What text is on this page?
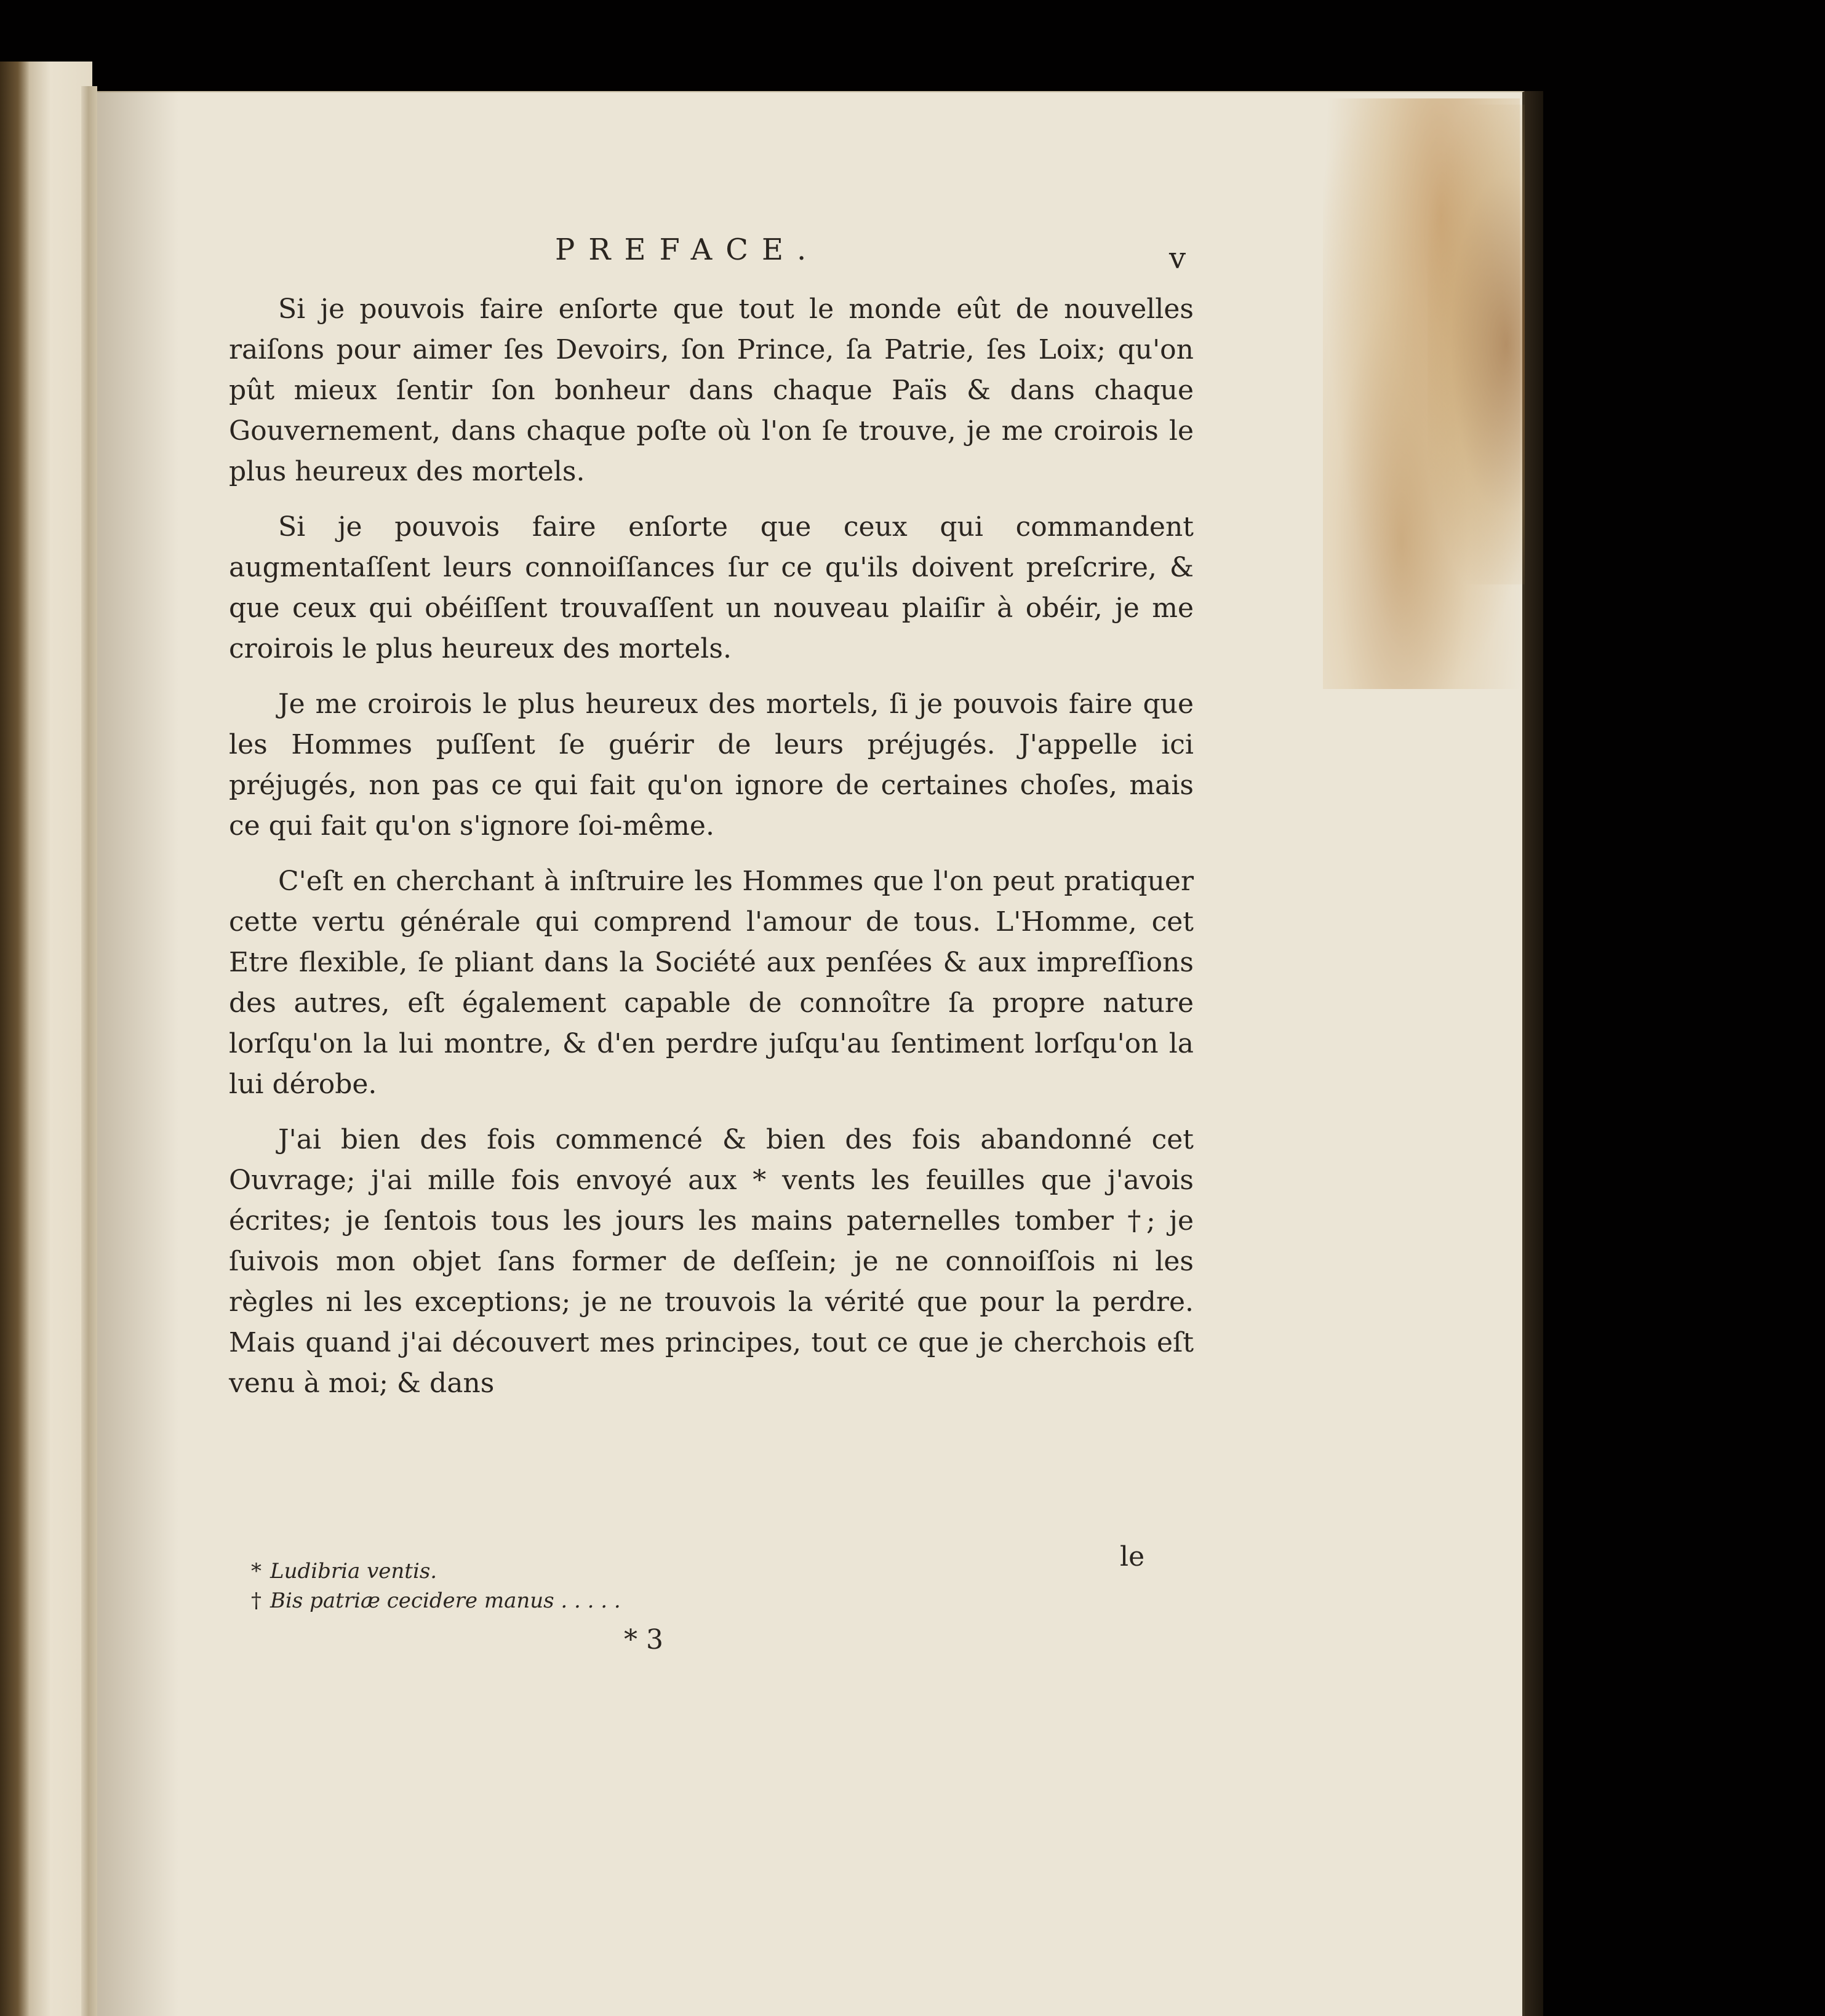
PREFACE.	v

Si je pouvois faire enſorte que tout le monde eût de nouvelles raiſons pour aimer ſes Devoirs, ſon Prince, ſa Patrie, ſes Loix; qu'on pût mieux ſentir ſon bonheur dans chaque Païs & dans chaque Gouvernement, dans chaque poſte où l'on ſe trouve, je me croirois le plus heureux des mortels.

Si je pouvois faire enſorte que ceux qui commandent augmentaſſent leurs connoiſſances ſur ce qu'ils doivent preſcrire, & que ceux qui obéiſſent trouvaſſent un nouveau plaiſir à obéir, je me croirois le plus heureux des mortels.

Je me croirois le plus heureux des mortels, ſi je pouvois faire que les Hommes puſſent ſe guérir de leurs préjugés. J'appelle ici préjugés, non pas ce qui fait qu'on ignore de certaines choſes, mais ce qui fait qu'on s'ignore ſoi-même.

C'eſt en cherchant à inſtruire les Hommes que l'on peut pratiquer cette vertu générale qui comprend l'amour de tous. L'Homme, cet Etre flexible, ſe pliant dans la Société aux penſées & aux impreſſions des autres, eſt également capable de connoître ſa propre nature lorſqu'on la lui montre, & d'en perdre juſqu'au ſentiment lorſqu'on la lui dérobe.

J'ai bien des fois commencé & bien des fois abandonné cet Ouvrage; j'ai mille fois envoyé aux * vents les feuilles que j'avois écrites; je ſentois tous les jours les mains paternelles tomber †; je ſuivois mon objet ſans former de deſſein; je ne connoiſſois ni les règles ni les exceptions; je ne trouvois la vérité que pour la perdre. Mais quand j'ai découvert mes principes, tout ce que je cherchois eſt venu à moi; & dans

le
* Ludibria ventis.
† Bis patriæ cecidere manus . . . . .
* 3
